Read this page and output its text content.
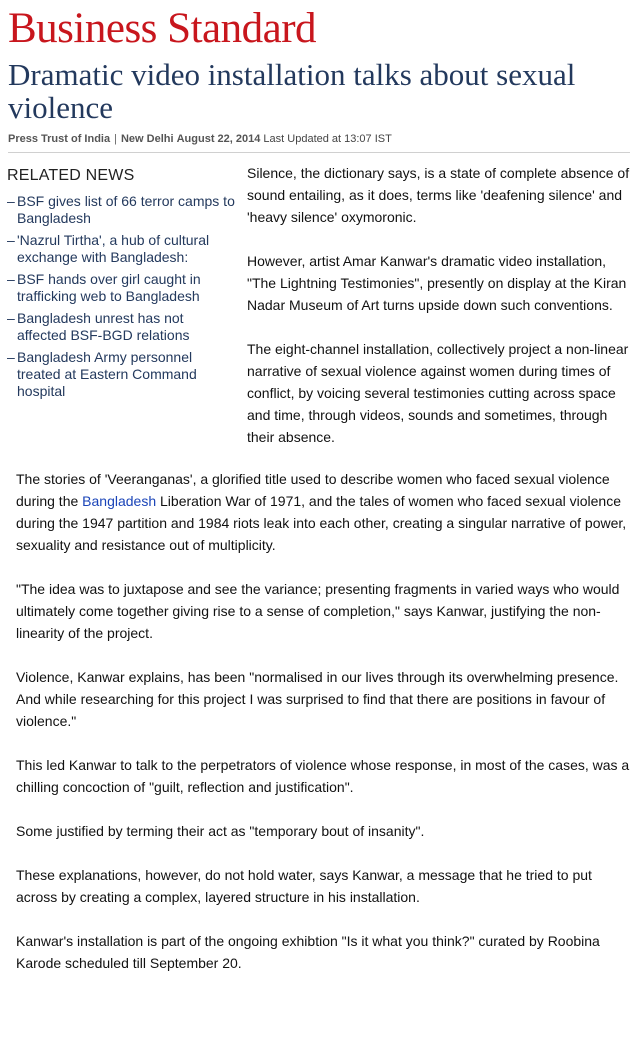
Business Standard
Dramatic video installation talks about sexual violence
Press Trust of India | New Delhi August 22, 2014 Last Updated at 13:07 IST
RELATED NEWS
– BSF gives list of 66 terror camps to Bangladesh
– 'Nazrul Tirtha', a hub of cultural exchange with Bangladesh:
– BSF hands over girl caught in trafficking web to Bangladesh
– Bangladesh unrest has not affected BSF-BGD relations
– Bangladesh Army personnel treated at Eastern Command hospital

Silence, the dictionary says, is a state of complete absence of sound entailing, as it does, terms like 'deafening silence' and 'heavy silence' oxymoronic.

However, artist Amar Kanwar's dramatic video installation, "The Lightning Testimonies", presently on display at the Kiran Nadar Museum of Art turns upside down such conventions.

The eight-channel installation, collectively project a non-linear narrative of sexual violence against women during times of conflict, by voicing several testimonies cutting across space and time, through videos, sounds and sometimes, through their absence.

The stories of 'Veeranganas', a glorified title used to describe women who faced sexual violence during the Bangladesh Liberation War of 1971, and the tales of women who faced sexual violence during the 1947 partition and 1984 riots leak into each other, creating a singular narrative of power, sexuality and resistance out of multiplicity.

"The idea was to juxtapose and see the variance; presenting fragments in varied ways who would ultimately come together giving rise to a sense of completion," says Kanwar, justifying the non-linearity of the project.

Violence, Kanwar explains, has been "normalised in our lives through its overwhelming presence. And while researching for this project I was surprised to find that there are positions in favour of violence."

This led Kanwar to talk to the perpetrators of violence whose response, in most of the cases, was a chilling concoction of "guilt, reflection and justification".

Some justified by terming their act as "temporary bout of insanity".

These explanations, however, do not hold water, says Kanwar, a message that he tried to put across by creating a complex, layered structure in his installation.

Kanwar's installation is part of the ongoing exhibtion "Is it what you think?" curated by Roobina Karode scheduled till September 20.
